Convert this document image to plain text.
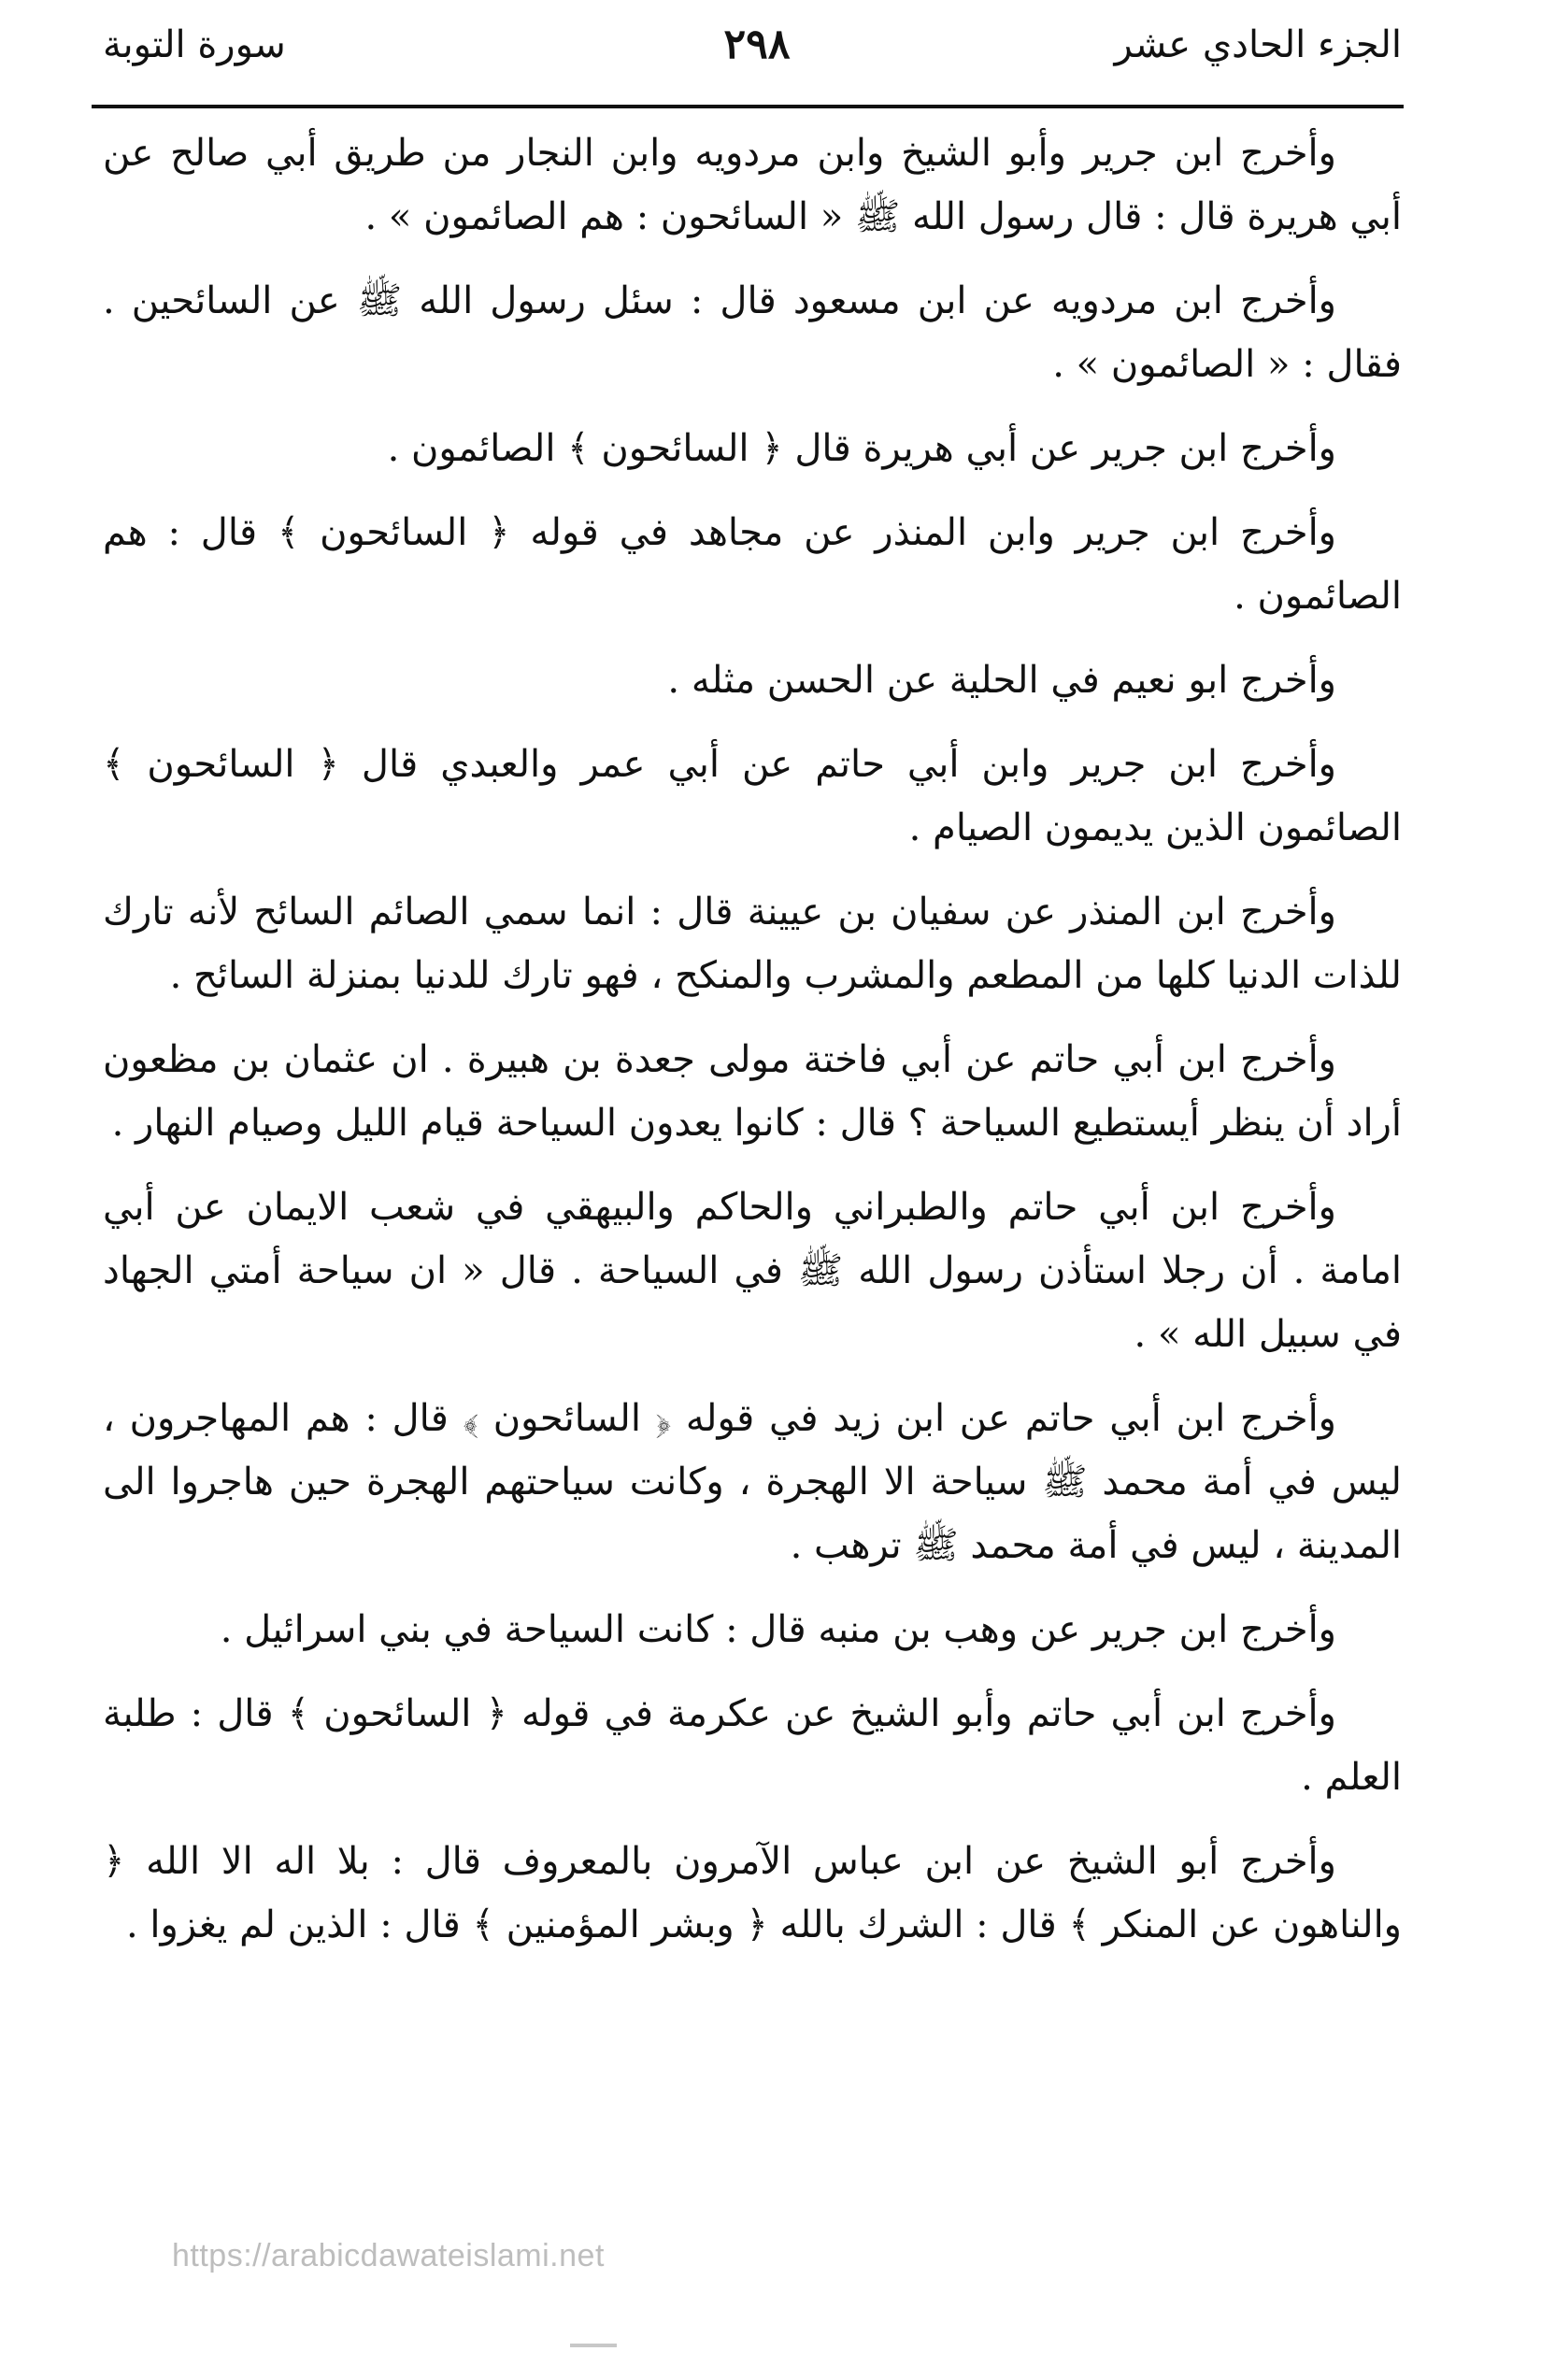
الجزء الحادي عشر
٢٩٨
سورة التوبة

وأخرج ابن جرير وأبو الشيخ وابن مردويه وابن النجار من طريق أبي صالح عن أبي هريرة قال : قال رسول الله ﷺ « السائحون : هم الصائمون » .

وأخرج ابن مردويه عن ابن مسعود قال : سئل رسول الله ﷺ عن السائحين . فقال : « الصائمون » .

وأخرج ابن جرير عن أبي هريرة قال ﴿ السائحون ﴾ الصائمون .

وأخرج ابن جرير وابن المنذر عن مجاهد في قوله ﴿ السائحون ﴾ قال : هم الصائمون .

وأخرج ابو نعيم في الحلية عن الحسن مثله .

وأخرج ابن جرير وابن أبي حاتم عن أبي عمر والعبدي قال ﴿ السائحون ﴾ الصائمون الذين يديمون الصيام .

وأخرج ابن المنذر عن سفيان بن عيينة قال : انما سمي الصائم السائح لأنه تارك للذات الدنيا كلها من المطعم والمشرب والمنكح ، فهو تارك للدنيا بمنزلة السائح .

وأخرج ابن أبي حاتم عن أبي فاختة مولى جعدة بن هبيرة . ان عثمان بن مظعون أراد أن ينظر أيستطيع السياحة ؟ قال : كانوا يعدون السياحة قيام الليل وصيام النهار .

وأخرج ابن أبي حاتم والطبراني والحاكم والبيهقي في شعب الايمان عن أبي امامة . أن رجلا استأذن رسول الله ﷺ في السياحة . قال « ان سياحة أمتي الجهاد في سبيل الله » .

وأخرج ابن أبي حاتم عن ابن زيد في قوله ﴿ السائحون ﴾ قال : هم المهاجرون ، ليس في أمة محمد ﷺ سياحة الا الهجرة ، وكانت سياحتهم الهجرة حين هاجروا الى المدينة ، ليس في أمة محمد ﷺ ترهب .

وأخرج ابن جرير عن وهب بن منبه قال : كانت السياحة في بني اسرائيل .

وأخرج ابن أبي حاتم وأبو الشيخ عن عكرمة في قوله ﴿ السائحون ﴾ قال : طلبة العلم .

وأخرج أبو الشيخ عن ابن عباس الآمرون بالمعروف قال : بلا اله الا الله ﴿ والناهون عن المنكر ﴾ قال : الشرك بالله ﴿ وبشر المؤمنين ﴾ قال : الذين لم يغزوا .

https://arabicdawateislami.net
